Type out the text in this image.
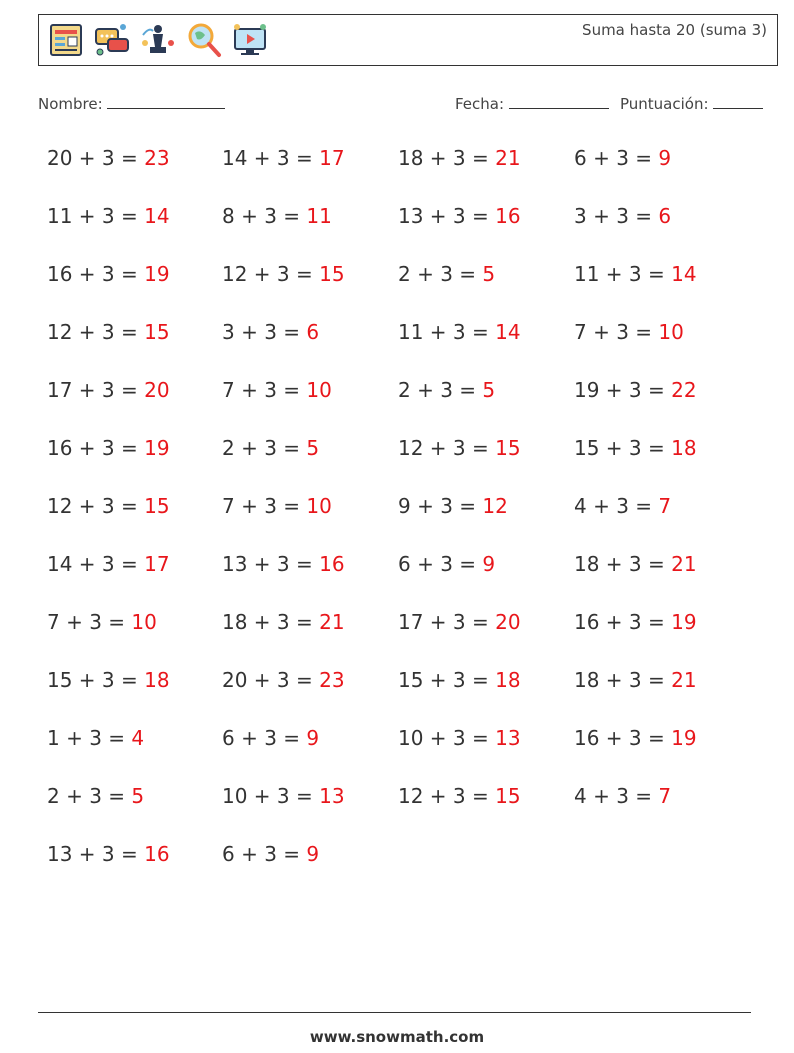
Suma hasta 20 (suma 3)
Nombre:	Fecha:	Puntuación:
20 + 3 = 23	14 + 3 = 17	18 + 3 = 21	6 + 3 = 9
11 + 3 = 14	8 + 3 = 11	13 + 3 = 16	3 + 3 = 6
16 + 3 = 19	12 + 3 = 15	2 + 3 = 5	11 + 3 = 14
12 + 3 = 15	3 + 3 = 6	11 + 3 = 14	7 + 3 = 10
17 + 3 = 20	7 + 3 = 10	2 + 3 = 5	19 + 3 = 22
16 + 3 = 19	2 + 3 = 5	12 + 3 = 15	15 + 3 = 18
12 + 3 = 15	7 + 3 = 10	9 + 3 = 12	4 + 3 = 7
14 + 3 = 17	13 + 3 = 16	6 + 3 = 9	18 + 3 = 21
7 + 3 = 10	18 + 3 = 21	17 + 3 = 20	16 + 3 = 19
15 + 3 = 18	20 + 3 = 23	15 + 3 = 18	18 + 3 = 21
1 + 3 = 4	6 + 3 = 9	10 + 3 = 13	16 + 3 = 19
2 + 3 = 5	10 + 3 = 13	12 + 3 = 15	4 + 3 = 7
13 + 3 = 16	6 + 3 = 9
www.snowmath.com
